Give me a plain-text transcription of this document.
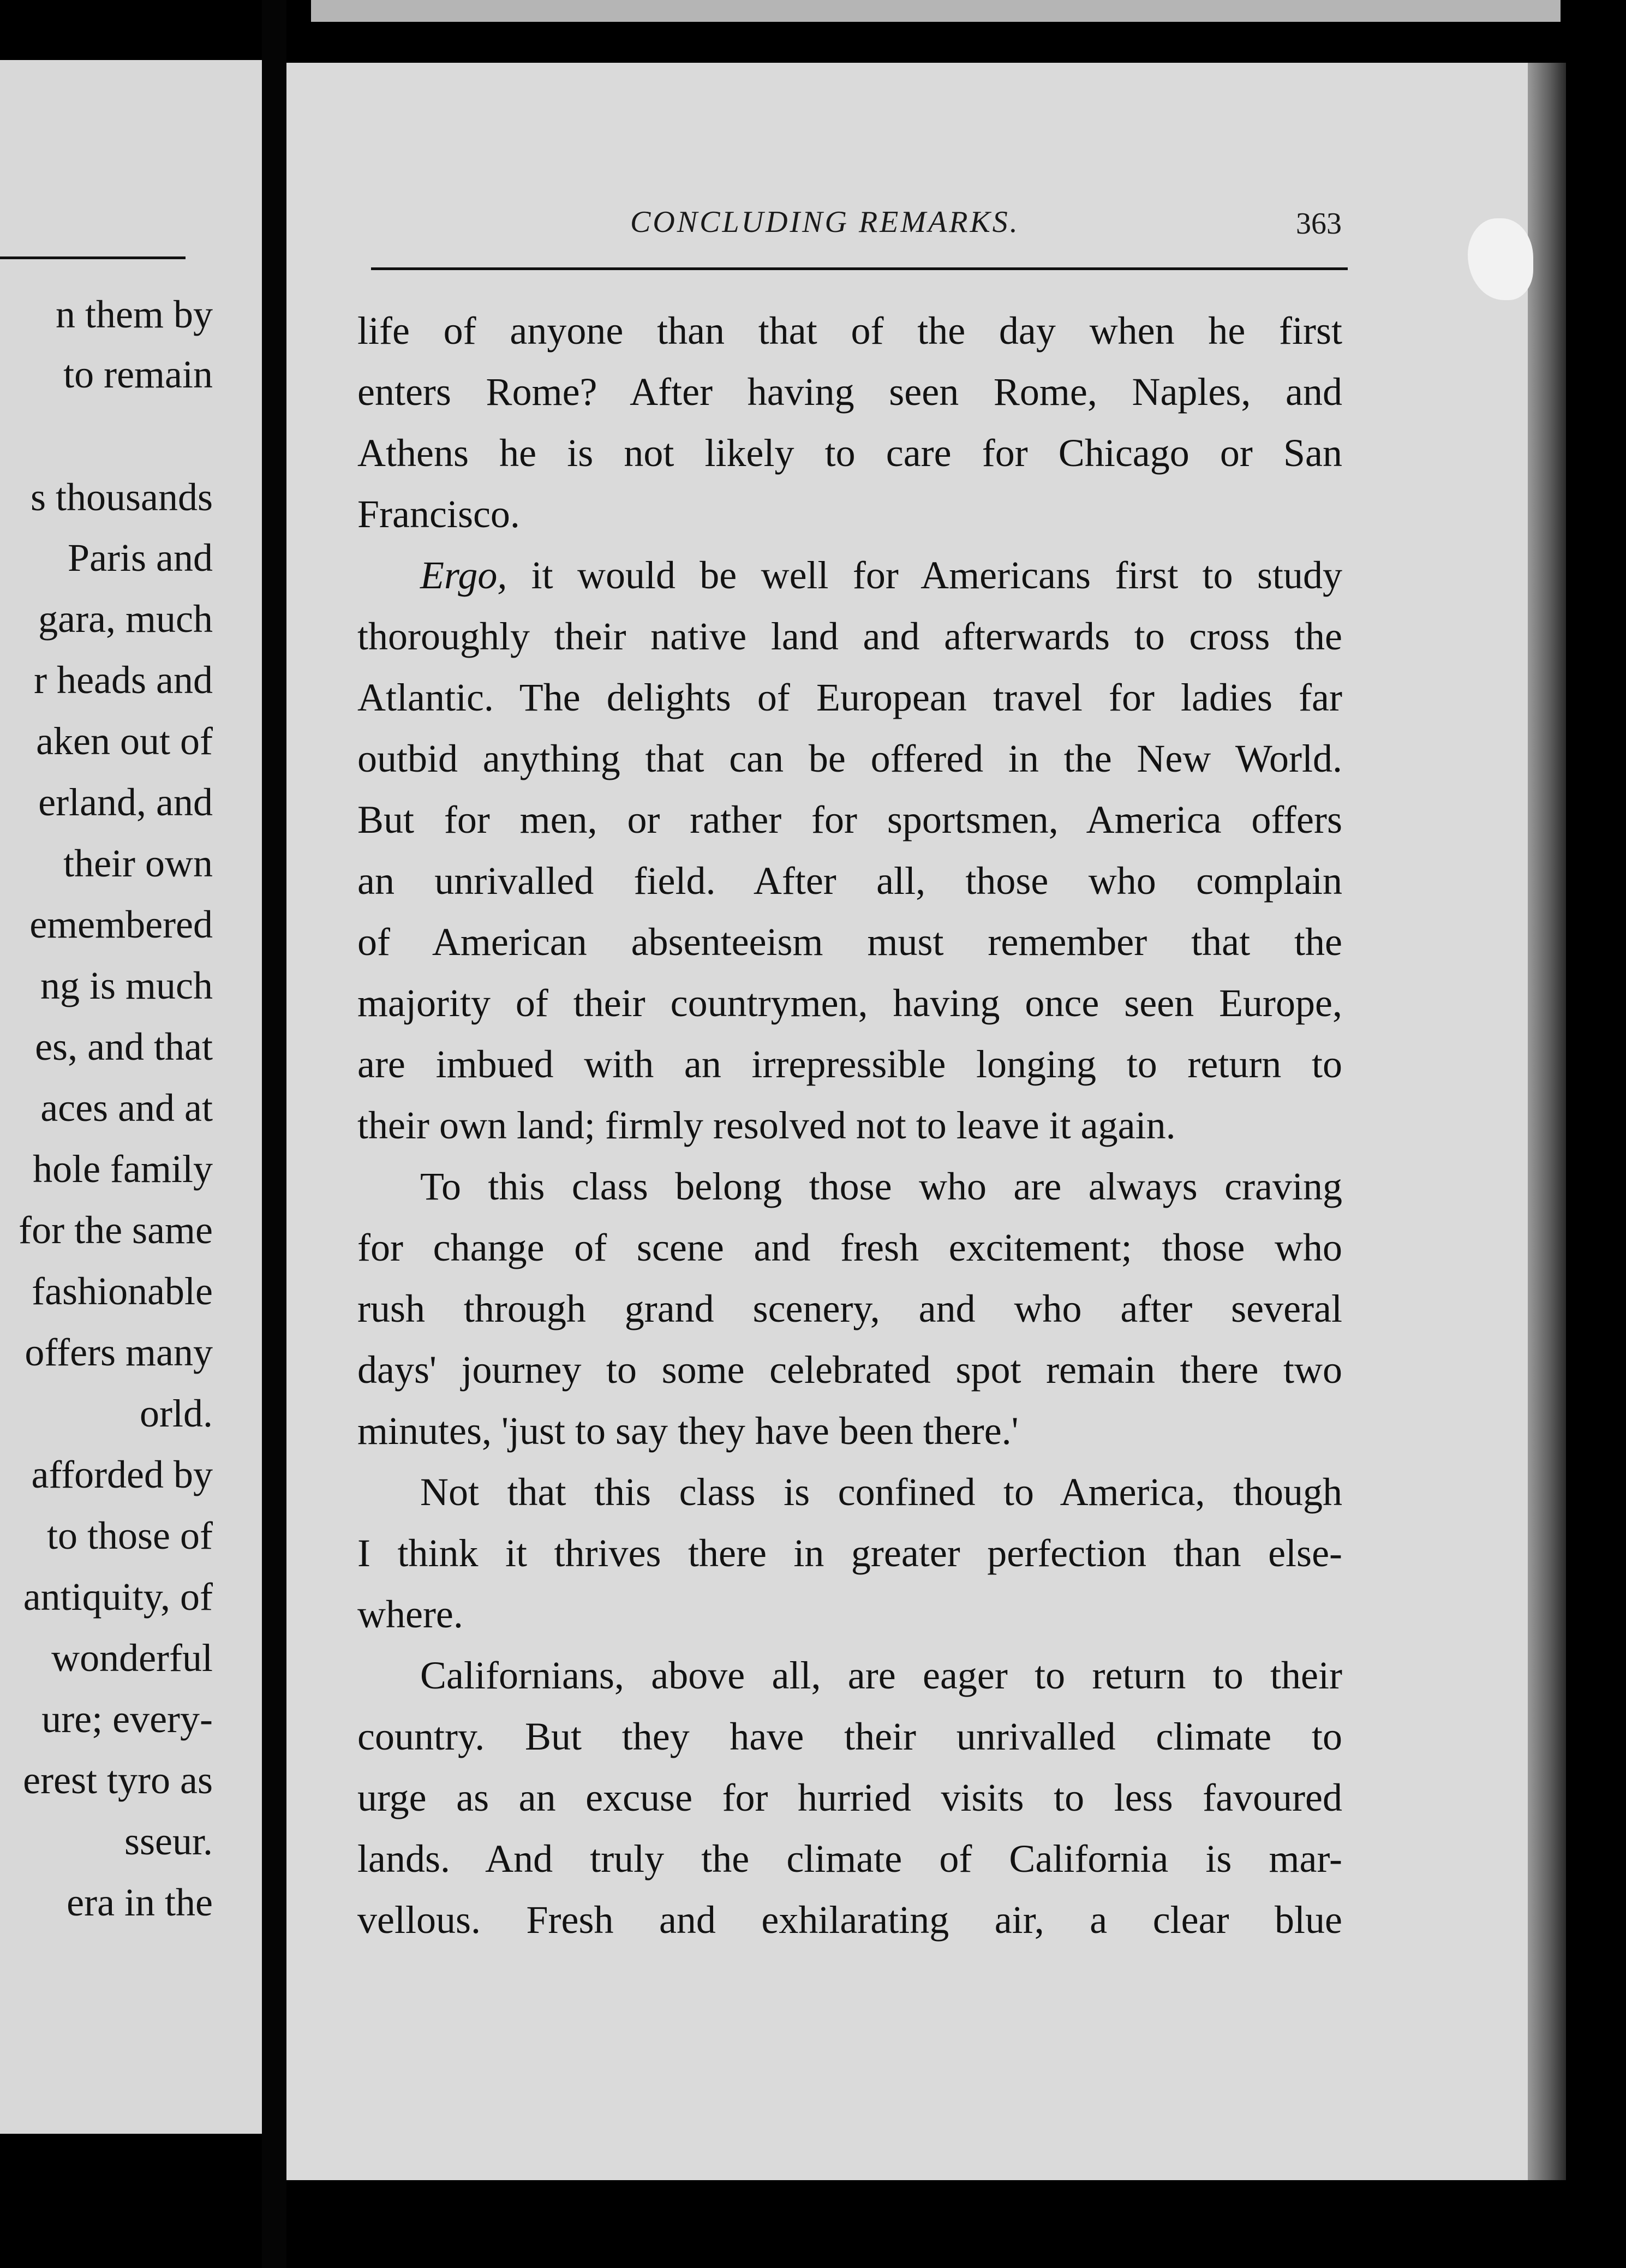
n them by
to remain
s thousands
Paris and
gara, much
r heads and
aken out of
erland, and
their own
emembered
ng is much
es, and that
aces and at
hole family
for the same
fashionable
offers many
orld.
afforded by
to those of
antiquity, of
wonderful
ure; every-
erest tyro as
sseur.
era in the
CONCLUDING REMARKS.	363
life of anyone than that of the day when he first
enters Rome? After having seen Rome, Naples, and
Athens he is not likely to care for Chicago or San
Francisco.
Ergo, it would be well for Americans first to study
thoroughly their native land and afterwards to cross the
Atlantic. The delights of European travel for ladies far
outbid anything that can be offered in the New World.
But for men, or rather for sportsmen, America offers
an unrivalled field. After all, those who complain
of American absenteeism must remember that the
majority of their countrymen, having once seen Europe,
are imbued with an irrepressible longing to return to
their own land; firmly resolved not to leave it again.
To this class belong those who are always craving
for change of scene and fresh excitement; those who
rush through grand scenery, and who after several
days' journey to some celebrated spot remain there two
minutes, 'just to say they have been there.'
Not that this class is confined to America, though
I think it thrives there in greater perfection than else-
where.
Californians, above all, are eager to return to their
country. But they have their unrivalled climate to
urge as an excuse for hurried visits to less favoured
lands. And truly the climate of California is mar-
vellous. Fresh and exhilarating air, a clear blue
